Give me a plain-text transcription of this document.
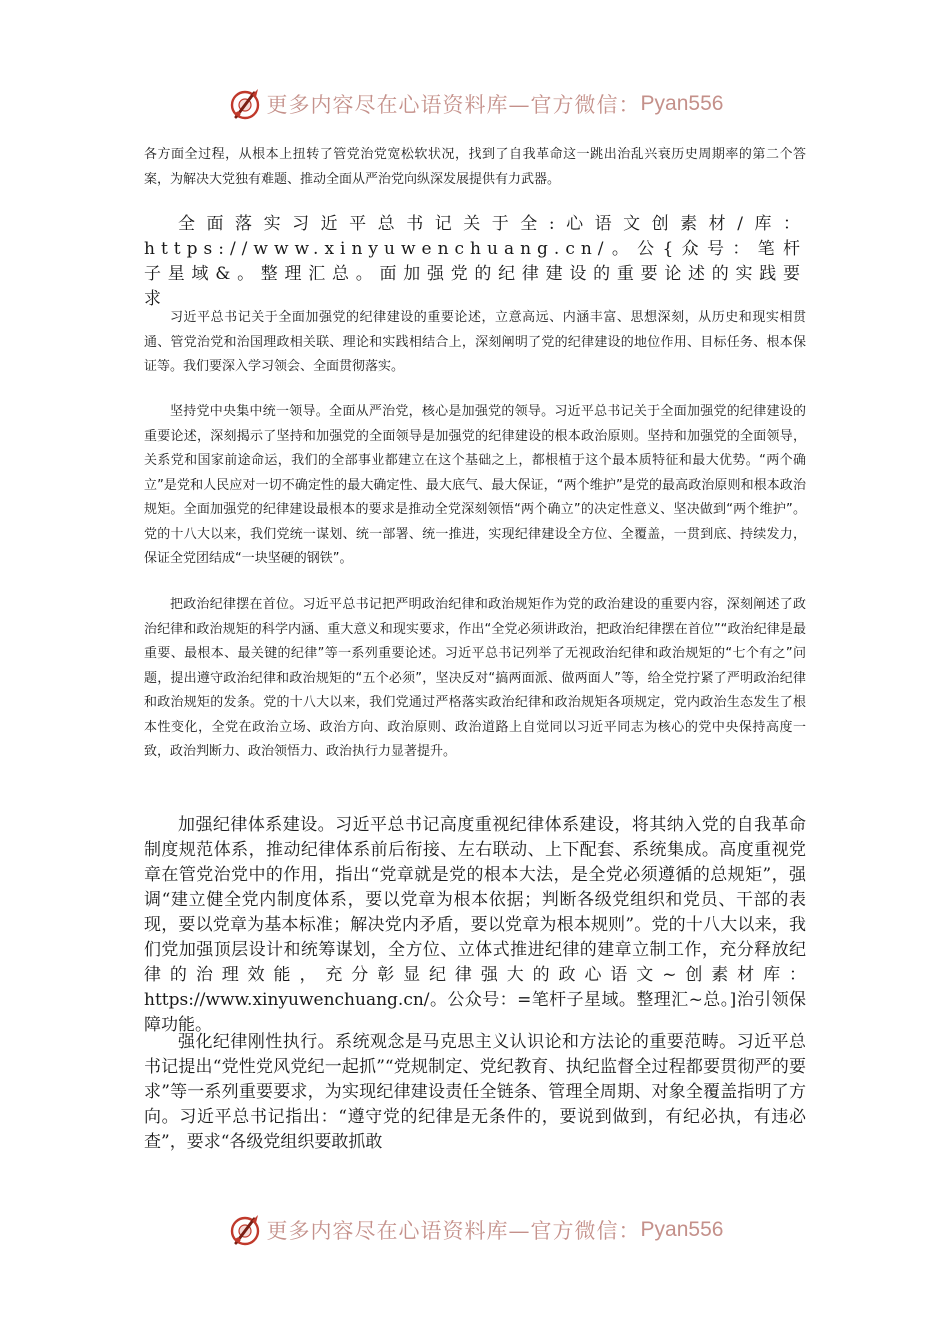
更多内容尽在心语资料库—官方微信： Pyan556

各方面全过程，从根本上扭转了管党治党宽松软状况，找到了自我革命这一跳出治乱兴衰历史周期率的第二个答案，为解决大党独有难题、推动全面从严治党向纵深发展提供有力武器。

全面落实习近平总书记关于全:心语文创素材/库：https://www.xinyuwenchuang.cn/。公{众号：笔杆子星域&。整理汇总。面加强党的纪律建设的重要论述的实践要求

习近平总书记关于全面加强党的纪律建设的重要论述，立意高远、内涵丰富、思想深刻，从历史和现实相贯通、管党治党和治国理政相关联、理论和实践相结合上，深刻阐明了党的纪律建设的地位作用、目标任务、根本保证等。我们要深入学习领会、全面贯彻落实。

坚持党中央集中统一领导。全面从严治党，核心是加强党的领导。习近平总书记关于全面加强党的纪律建设的重要论述，深刻揭示了坚持和加强党的全面领导是加强党的纪律建设的根本政治原则。坚持和加强党的全面领导，关系党和国家前途命运，我们的全部事业都建立在这个基础之上，都根植于这个最本质特征和最大优势。“两个确立”是党和人民应对一切不确定性的最大确定性、最大底气、最大保证，“两个维护”是党的最高政治原则和根本政治规矩。全面加强党的纪律建设最根本的要求是推动全党深刻领悟“两个确立”的决定性意义、坚决做到“两个维护”。党的十八大以来，我们党统一谋划、统一部署、统一推进，实现纪律建设全方位、全覆盖，一贯到底、持续发力，保证全党团结成“一块坚硬的钢铁”。

把政治纪律摆在首位。习近平总书记把严明政治纪律和政治规矩作为党的政治建设的重要内容，深刻阐述了政治纪律和政治规矩的科学内涵、重大意义和现实要求，作出“全党必须讲政治，把政治纪律摆在首位”“政治纪律是最重要、最根本、最关键的纪律”等一系列重要论述。习近平总书记列举了无视政治纪律和政治规矩的“七个有之”问题，提出遵守政治纪律和政治规矩的“五个必须”，坚决反对“搞两面派、做两面人”等，给全党拧紧了严明政治纪律和政治规矩的发条。党的十八大以来，我们党通过严格落实政治纪律和政治规矩各项规定，党内政治生态发生了根本性变化，全党在政治立场、政治方向、政治原则、政治道路上自觉同以习近平同志为核心的党中央保持高度一致，政治判断力、政治领悟力、政治执行力显著提升。

加强纪律体系建设。习近平总书记高度重视纪律体系建设，将其纳入党的自我革命制度规范体系，推动纪律体系前后衔接、左右联动、上下配套、系统集成。高度重视党章在管党治党中的作用，指出“党章就是党的根本大法，是全党必须遵循的总规矩”，强调“建立健全党内制度体系，要以党章为根本依据；判断各级党组织和党员、干部的表现，要以党章为基本标准；解决党内矛盾，要以党章为根本规则”。党的十八大以来，我们党加强顶层设计和统筹谋划，全方位、立体式推进纪律的建章立制工作，充分释放纪律的治理效能，充分彰显纪律强大的政心语文~创素材库：https://www.xinyuwenchuang.cn/。公众号：=笔杆子星域。整理汇~总。]治引领保障功能。

强化纪律刚性执行。系统观念是马克思主义认识论和方法论的重要范畴。习近平总书记提出“党性党风党纪一起抓”“党规制定、党纪教育、执纪监督全过程都要贯彻严的要求”等一系列重要要求，为实现纪律建设责任全链条、管理全周期、对象全覆盖指明了方向。习近平总书记指出：“遵守党的纪律是无条件的，要说到做到，有纪必执，有违必查”，要求“各级党组织要敢抓敢

更多内容尽在心语资料库—官方微信： Pyan556
